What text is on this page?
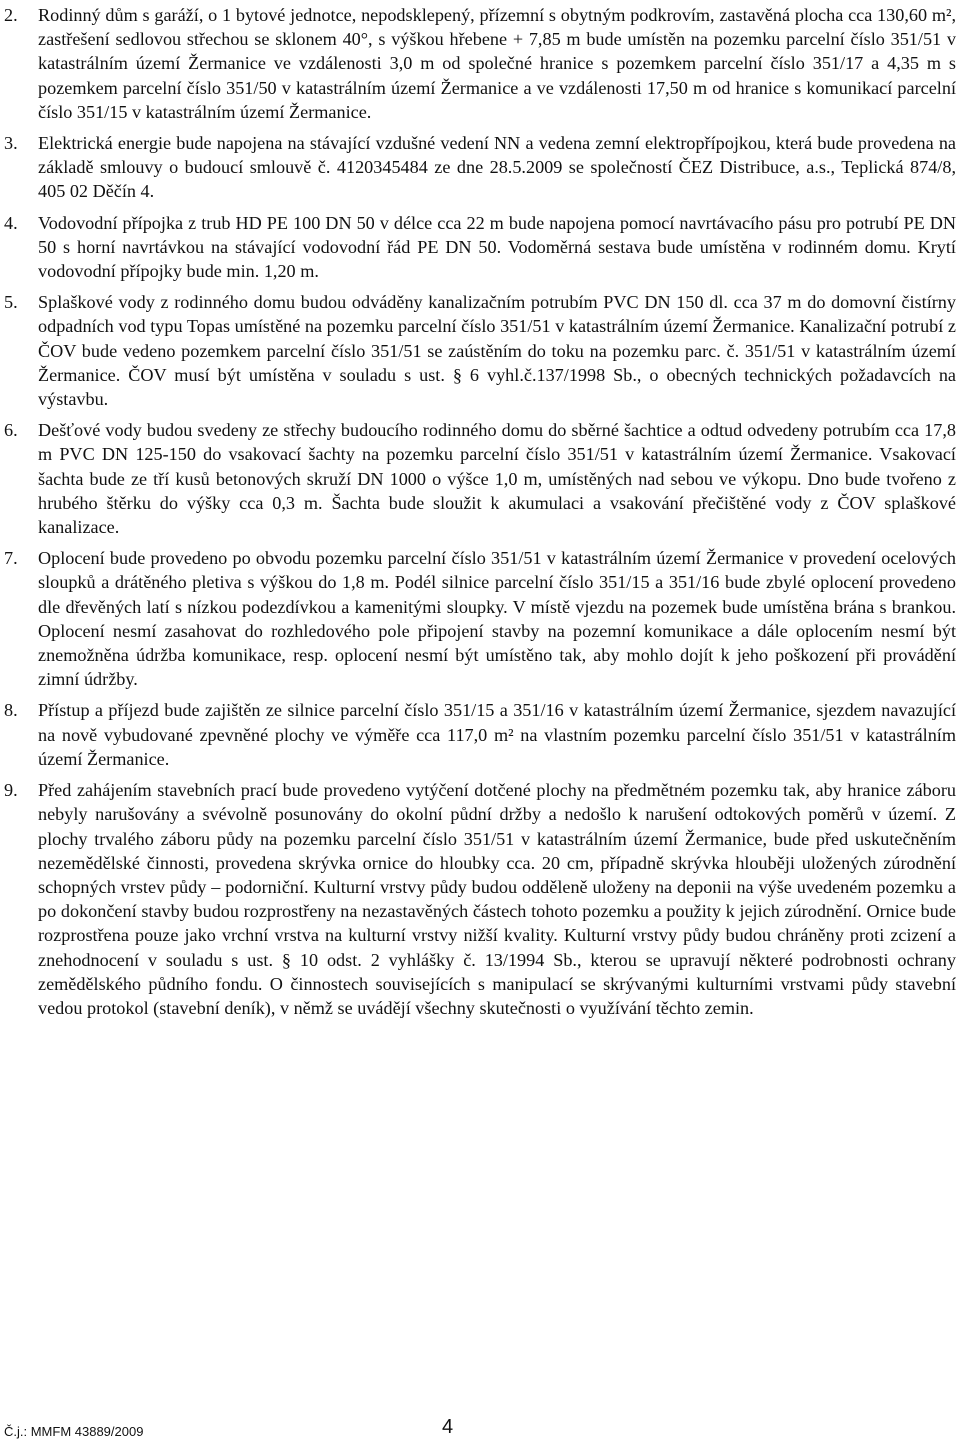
2.	Rodinný dům s garáží, o 1 bytové jednotce, nepodsklepený, přízemní s obytným podkrovím, zastavěná plocha cca 130,60 m², zastřešení sedlovou střechou se sklonem 40°, s výškou hřebene + 7,85 m bude umístěn na pozemku parcelní číslo 351/51 v katastrálním území Žermanice ve vzdálenosti 3,0 m od společné hranice s pozemkem parcelní číslo 351/17 a 4,35 m s pozemkem parcelní číslo 351/50 v katastrálním území Žermanice a ve vzdálenosti 17,50 m od hranice s komunikací parcelní číslo 351/15 v katastrálním území Žermanice.
3.	Elektrická energie bude napojena na stávající vzdušné vedení NN a vedena zemní elektropřípojkou, která bude provedena na základě smlouvy o budoucí smlouvě č. 4120345484 ze dne 28.5.2009 se společností ČEZ Distribuce, a.s., Teplická 874/8, 405 02 Děčín 4.
4.	Vodovodní přípojka z trub HD PE 100 DN 50 v délce cca 22 m bude napojena pomocí navrtávacího pásu pro potrubí PE DN 50 s horní navrtávkou na stávající vodovodní řád PE DN 50. Vodoměrná sestava bude umístěna v rodinném domu. Krytí vodovodní přípojky bude min. 1,20 m.
5.	Splaškové vody z rodinného domu budou odváděny kanalizačním potrubím PVC DN 150 dl. cca 37 m do domovní čistírny odpadních vod typu Topas umístěné na pozemku parcelní číslo 351/51 v katastrálním území Žermanice. Kanalizační potrubí z ČOV bude vedeno pozemkem parcelní číslo 351/51 se zaústěním do toku na pozemku parc. č. 351/51 v katastrálním území Žermanice. ČOV musí být umístěna v souladu s ust. § 6 vyhl.č.137/1998 Sb., o obecných technických požadavcích na výstavbu.
6.	Dešťové vody budou svedeny ze střechy budoucího rodinného domu do sběrné šachtice a odtud odvedeny potrubím cca 17,8 m PVC DN 125-150 do vsakovací šachty na pozemku parcelní číslo 351/51 v katastrálním území Žermanice. Vsakovací šachta bude ze tří kusů betonových skruží DN 1000 o výšce 1,0 m, umístěných nad sebou ve výkopu. Dno bude tvořeno z hrubého štěrku do výšky cca 0,3 m. Šachta bude sloužit k akumulaci a vsakování přečištěné vody z ČOV splaškové kanalizace.
7.	Oplocení bude provedeno po obvodu pozemku parcelní číslo 351/51 v katastrálním území Žermanice v provedení ocelových sloupků a drátěného pletiva s výškou do 1,8 m. Podél silnice parcelní číslo 351/15 a 351/16 bude zbylé oplocení provedeno dle dřevěných latí s nízkou podezdívkou a kamenitými sloupky. V místě vjezdu na pozemek bude umístěna brána s brankou. Oplocení nesmí zasahovat do rozhledového pole připojení stavby na pozemní komunikace a dále oplocením nesmí být znemožněna údržba komunikace, resp. oplocení nesmí být umístěno tak, aby mohlo dojít k jeho poškození při provádění zimní údržby.
8.	Přístup a příjezd bude zajištěn ze silnice parcelní číslo 351/15 a 351/16 v katastrálním území Žermanice, sjezdem navazující na nově vybudované zpevněné plochy ve výměře cca 117,0 m² na vlastním pozemku parcelní číslo 351/51 v katastrálním území Žermanice.
9.	Před zahájením stavebních prací bude provedeno vytýčení dotčené plochy na předmětném pozemku tak, aby hranice záboru nebyly narušovány a svévolně posunovány do okolní půdní držby a nedošlo k narušení odtokových poměrů v území. Z plochy trvalého záboru půdy na pozemku parcelní číslo 351/51 v katastrálním území Žermanice, bude před uskutečněním nezemědělské činnosti, provedena skrývka ornice do hloubky cca. 20 cm, případně skrývka hlouběji uložených zúrodnění schopných vrstev půdy – podorniční. Kulturní vrstvy půdy budou odděleně uloženy na deponii na výše uvedeném pozemku a po dokončení stavby budou rozprostřeny na nezastavěných částech tohoto pozemku a použity k jejich zúrodnění. Ornice bude rozprostřena pouze jako vrchní vrstva na kulturní vrstvy nižší kvality. Kulturní vrstvy půdy budou chráněny proti zcizení a znehodnocení v souladu s ust. § 10 odst. 2 vyhlášky č. 13/1994 Sb., kterou se upravují některé podrobnosti ochrany zemědělského půdního fondu. O činnostech souvisejících s manipulací se skrývanými kulturními vrstvami půdy stavební vedou protokol (stavební deník), v němž se uvádějí všechny skutečnosti o využívání těchto zemin.
Č.j.: MMFM 43889/2009	4
